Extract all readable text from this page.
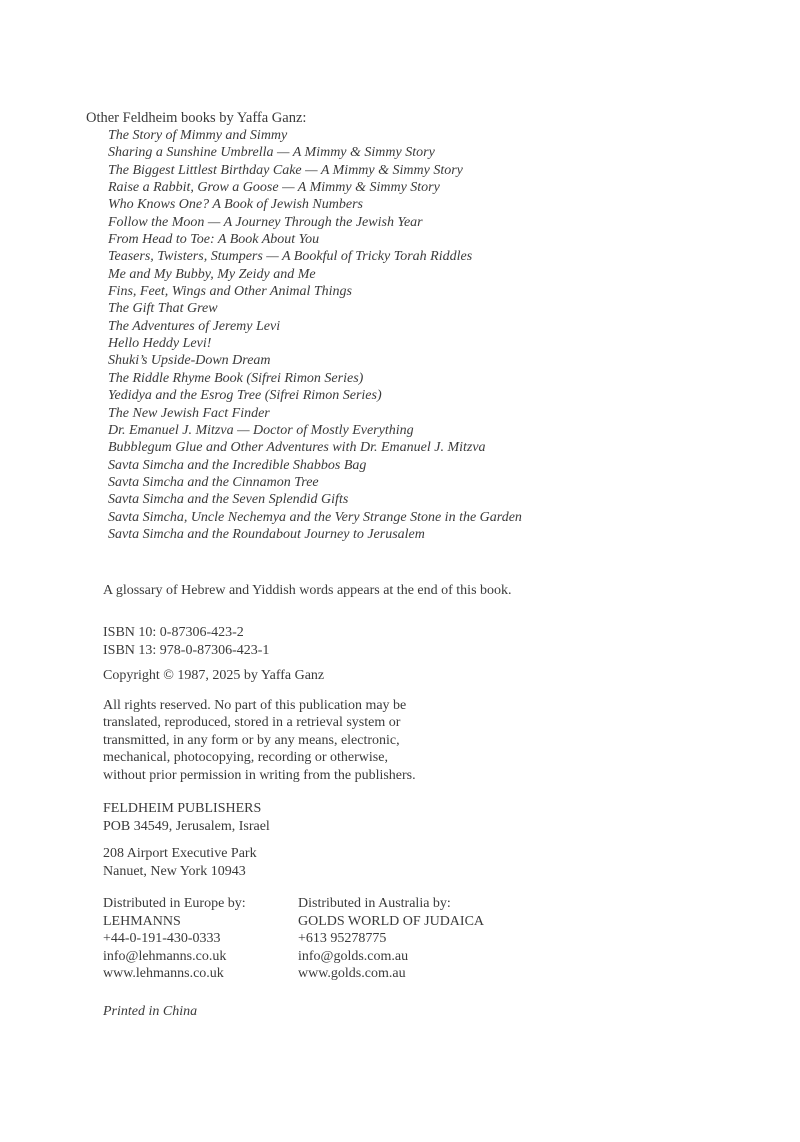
Other Feldheim books by Yaffa Ganz:
The Story of Mimmy and Simmy
Sharing a Sunshine Umbrella — A Mimmy & Simmy Story
The Biggest Littlest Birthday Cake — A Mimmy & Simmy Story
Raise a Rabbit, Grow a Goose — A Mimmy & Simmy Story
Who Knows One? A Book of Jewish Numbers
Follow the Moon — A Journey Through the Jewish Year
From Head to Toe: A Book About You
Teasers, Twisters, Stumpers — A Bookful of Tricky Torah Riddles
Me and My Bubby, My Zeidy and Me
Fins, Feet, Wings and Other Animal Things
The Gift That Grew
The Adventures of Jeremy Levi
Hello Heddy Levi!
Shuki’s Upside-Down Dream
The Riddle Rhyme Book (Sifrei Rimon Series)
Yedidya and the Esrog Tree (Sifrei Rimon Series)
The New Jewish Fact Finder
Dr. Emanuel J. Mitzva — Doctor of Mostly Everything
Bubblegum Glue and Other Adventures with Dr. Emanuel J. Mitzva
Savta Simcha and the Incredible Shabbos Bag
Savta Simcha and the Cinnamon Tree
Savta Simcha and the Seven Splendid Gifts
Savta Simcha, Uncle Nechemya and the Very Strange Stone in the Garden
Savta Simcha and the Roundabout Journey to Jerusalem
A glossary of Hebrew and Yiddish words appears at the end of this book.
ISBN 10: 0-87306-423-2
ISBN 13: 978-0-87306-423-1
Copyright © 1987, 2025 by Yaffa Ganz
All rights reserved. No part of this publication may be
translated, reproduced, stored in a retrieval system or
transmitted, in any form or by any means, electronic,
mechanical, photocopying, recording or otherwise,
without prior permission in writing from the publishers.
FELDHEIM PUBLISHERS
POB 34549, Jerusalem, Israel
208 Airport Executive Park
Nanuet, New York 10943
Distributed in Europe by:
LEHMANNS
+44-0-191-430-0333
info@lehmanns.co.uk
www.lehmanns.co.uk
Distributed in Australia by:
GOLDS WORLD OF JUDAICA
+613 95278775
info@golds.com.au
www.golds.com.au
Printed in China
